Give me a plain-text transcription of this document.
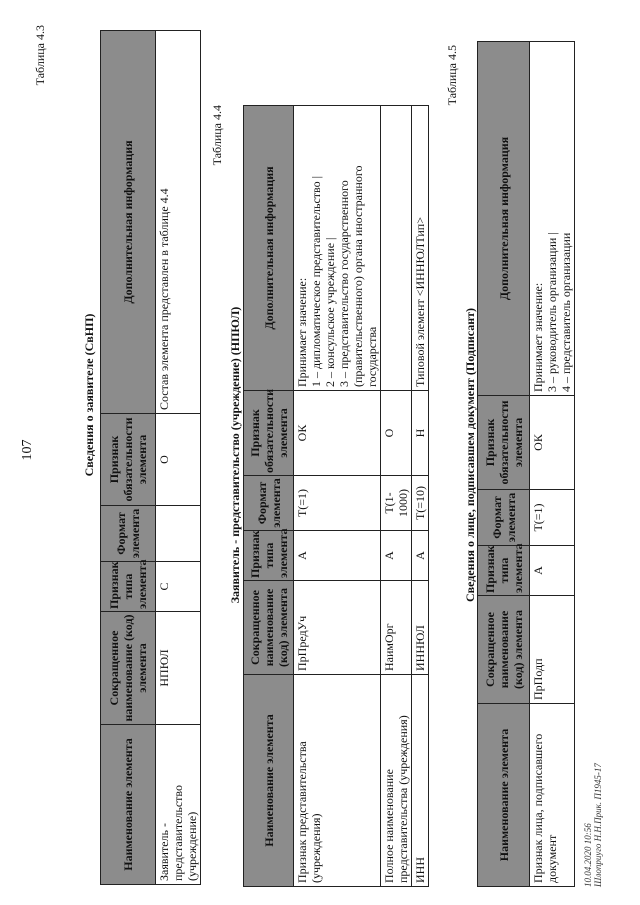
107
Таблица 4.3
Сведения о заявителе (СвНП)
Наименование элемента	Сокращенное наименование (код) элемента	Признак типа элемента	Формат элемента	Признак обязательности элемента	Дополнительная информация
Заявитель - представительство (учреждение)	НПЮЛ	С		О	Состав элемента представлен в таблице 4.4
Таблица 4.4
Заявитель - представительство (учреждение) (НПЮЛ)
Наименование элемента	Сокращенное наименование (код) элемента	Признак типа элемента	Формат элемента	Признак обязательности элемента	Дополнительная информация
Признак представительства (учреждения)	ПрПредУч	А	Т(=1)	ОК	Принимает значение: 1 – дипломатическое представительство | 2 – консульское учреждение | 3 – представительство государственного (правительственного) органа иностранного государства

Полное наименование представительства (учреждения)	НаимОрг	А	Т(1-1000)	О	
ИНН	ИННЮЛ	А	Т(=10)	Н	Типовой элемент <ИННЮЛТип>
Таблица 4.5
Сведения о лице, подписавшем документ (Подписант)
Наименование элемента	Сокращенное наименование (код) элемента	Признак типа элемента	Формат элемента	Признак обязательности элемента	Дополнительная информация
Признак лица, подписавшего документ	ПрПодп	А	Т(=1)	ОК	Принимает значение: 3 – руководитель организации | 4 – представитель организации
10.04.2020 10:56 Шлоприуго Н.Н.Прик. П1945-17
